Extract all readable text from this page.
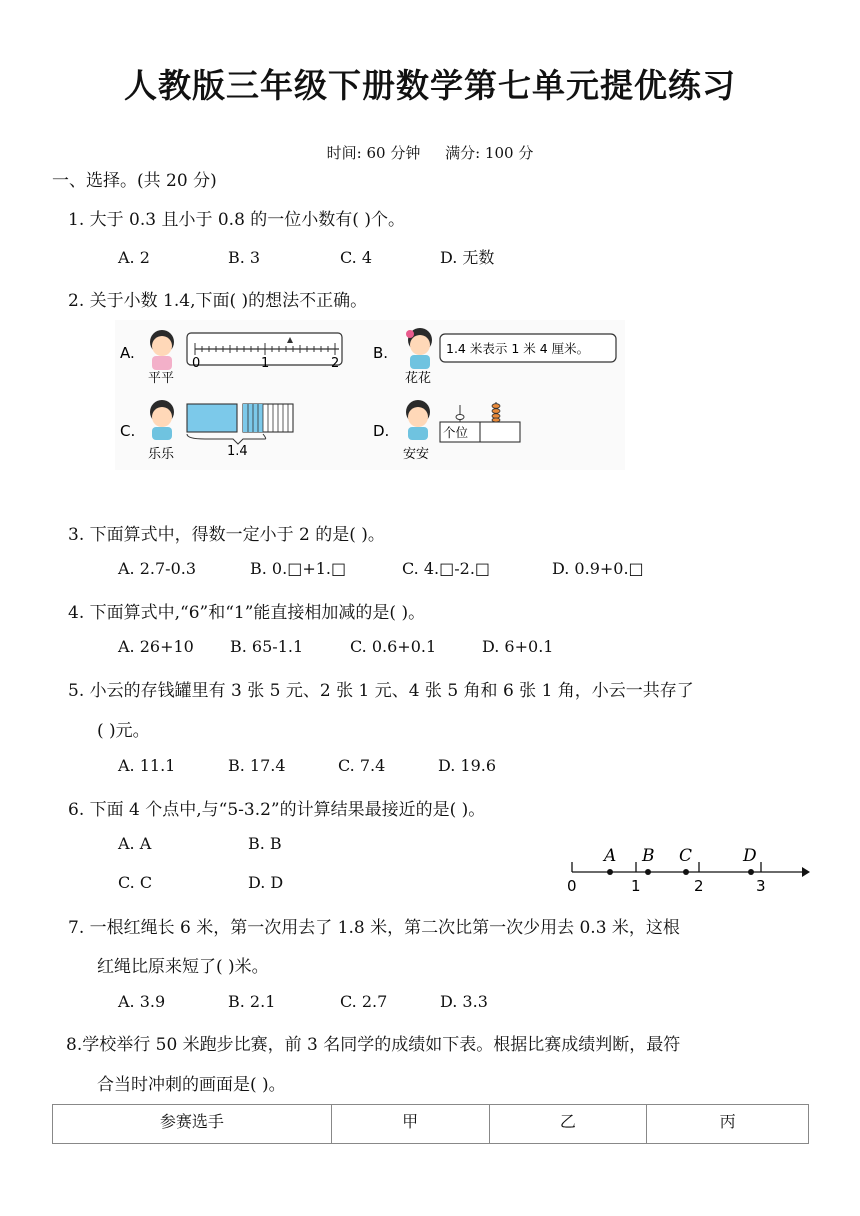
人教版三年级下册数学第七单元提优练习
时间: 60 分钟 满分: 100 分
一、选择。(共 20 分)
1. 大于 0.3 且小于 0.8 的一位小数有( )个。
A. 2	B. 3	C. 4	D. 无数
2. 关于小数 1.4,下面( )的想法不正确。
A.
平平
0	1	2
B.
花花
1.4 米表示 1 米 4 厘米。
C.
乐乐	1.4
D.
安安
个位
3. 下面算式中，得数一定小于 2 的是( )。
A. 2.7-0.3	B. 0.□+1.□	C. 4.□-2.□	D. 0.9+0.□
4. 下面算式中,“6”和“1”能直接相加减的是( )。
A. 26+10 B. 65-1.1	C. 0.6+0.1	D. 6+0.1
5. 小云的存钱罐里有 3 张 5 元、2 张 1 元、4 张 5 角和 6 张 1 角，小云一共存了
( )元。
A. 11.1	B. 17.4	C. 7.4	D. 19.6
6. 下面 4 个点中,与“5-3.2”的计算结果最接近的是( )。
A. A	B. B
C. C	D. D
A B C	D
0	1	2	3
7. 一根红绳长 6 米，第一次用去了 1.8 米，第二次比第一次少用去 0.3 米，这根
红绳比原来短了( )米。
A. 3.9	B. 2.1	C. 2.7	D. 3.3
8.学校举行 50 米跑步比赛，前 3 名同学的成绩如下表。根据比赛成绩判断，最符
合当时冲刺的画面是( )。
参赛选手	甲	乙	丙
